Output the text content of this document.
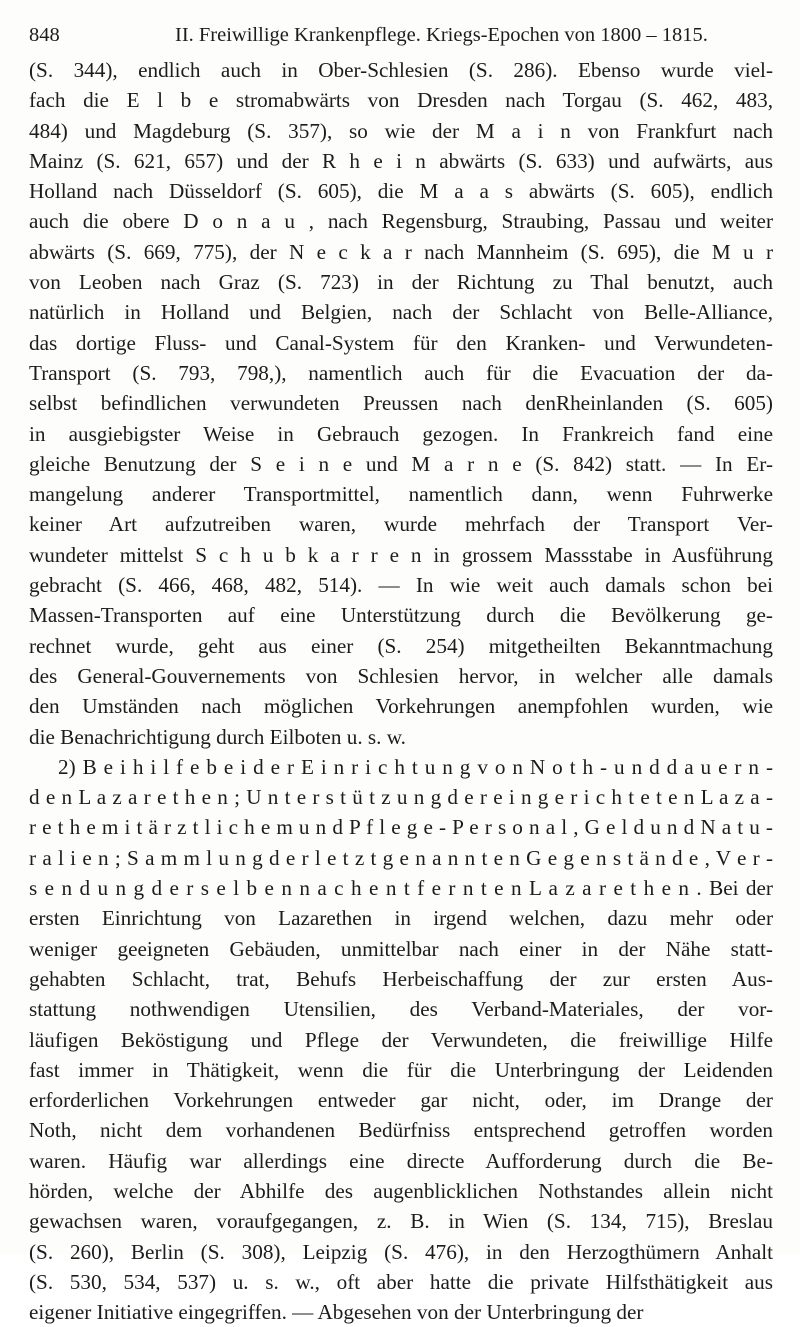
848	II. Freiwillige Krankenpflege. Kriegs-Epochen von 1800 – 1815.
(S. 344), endlich auch in Ober-Schlesien (S. 286). Ebenso wurde viel-
fach die E l b e stromabwärts von Dresden nach Torgau (S. 462, 483,
484) und Magdeburg (S. 357), so wie der M a i n von Frankfurt nach
Mainz (S. 621, 657) und der R h e i n abwärts (S. 633) und aufwärts, aus
Holland nach Düsseldorf (S. 605), die M a a s abwärts (S. 605), endlich
auch die obere D o n a u , nach Regensburg, Straubing, Passau und weiter
abwärts (S. 669, 775), der N e c k a r nach Mannheim (S. 695), die M u r
von Leoben nach Graz (S. 723) in der Richtung zu Thal benutzt, auch
natürlich in Holland und Belgien, nach der Schlacht von Belle-Alliance,
das dortige Fluss- und Canal-System für den Kranken- und Verwundeten-
Transport (S. 793, 798,), namentlich auch für die Evacuation der da-
selbst befindlichen verwundeten Preussen nach denRheinlanden (S. 605)
in ausgiebigster Weise in Gebrauch gezogen. In Frankreich fand eine
gleiche Benutzung der S e i n e und M a r n e (S. 842) statt. — In Er-
mangelung anderer Transportmittel, namentlich dann, wenn Fuhrwerke
keiner Art aufzutreiben waren, wurde mehrfach der Transport Ver-
wundeter mittelst S c h u b k a r r e n in grossem Massstabe in Ausführung
gebracht (S. 466, 468, 482, 514). — In wie weit auch damals schon bei
Massen-Transporten auf eine Unterstützung durch die Bevölkerung ge-
rechnet wurde, geht aus einer (S. 254) mitgetheilten Bekanntmachung
des General-Gouvernements von Schlesien hervor, in welcher alle damals
den Umständen nach möglichen Vorkehrungen anempfohlen wurden, wie
die Benachrichtigung durch Eilboten u. s. w.
2) B e i h i l f e b e i d e r E i n r i c h t u n g v o n N o t h - u n d d a u e r n -
d e n L a z a r e t h e n ; U n t e r s t ü t z u n g d e r e i n g e r i c h t e t e n L a z a -
r e t h e m i t ä r z t l i c h e m u n d P f l e g e - P e r s o n a l , G e l d u n d N a t u -
r a l i e n ; S a m m l u n g d e r l e t z t g e n a n n t e n G e g e n s t ä n d e , V e r -
s e n d u n g d e r s e l b e n n a c h e n t f e r n t e n L a z a r e t h e n . Bei der
ersten Einrichtung von Lazarethen in irgend welchen, dazu mehr oder
weniger geeigneten Gebäuden, unmittelbar nach einer in der Nähe statt-
gehabten Schlacht, trat, Behufs Herbeischaffung der zur ersten Aus-
stattung nothwendigen Utensilien, des Verband-Materiales, der vor-
läufigen Beköstigung und Pflege der Verwundeten, die freiwillige Hilfe
fast immer in Thätigkeit, wenn die für die Unterbringung der Leidenden
erforderlichen Vorkehrungen entweder gar nicht, oder, im Drange der
Noth, nicht dem vorhandenen Bedürfniss entsprechend getroffen worden
waren. Häufig war allerdings eine directe Aufforderung durch die Be-
hörden, welche der Abhilfe des augenblicklichen Nothstandes allein nicht
gewachsen waren, voraufgegangen, z. B. in Wien (S. 134, 715), Breslau
(S. 260), Berlin (S. 308), Leipzig (S. 476), in den Herzogthümern Anhalt
(S. 530, 534, 537) u. s. w., oft aber hatte die private Hilfsthätigkeit aus
eigener Initiative eingegriffen. — Abgesehen von der Unterbringung der
